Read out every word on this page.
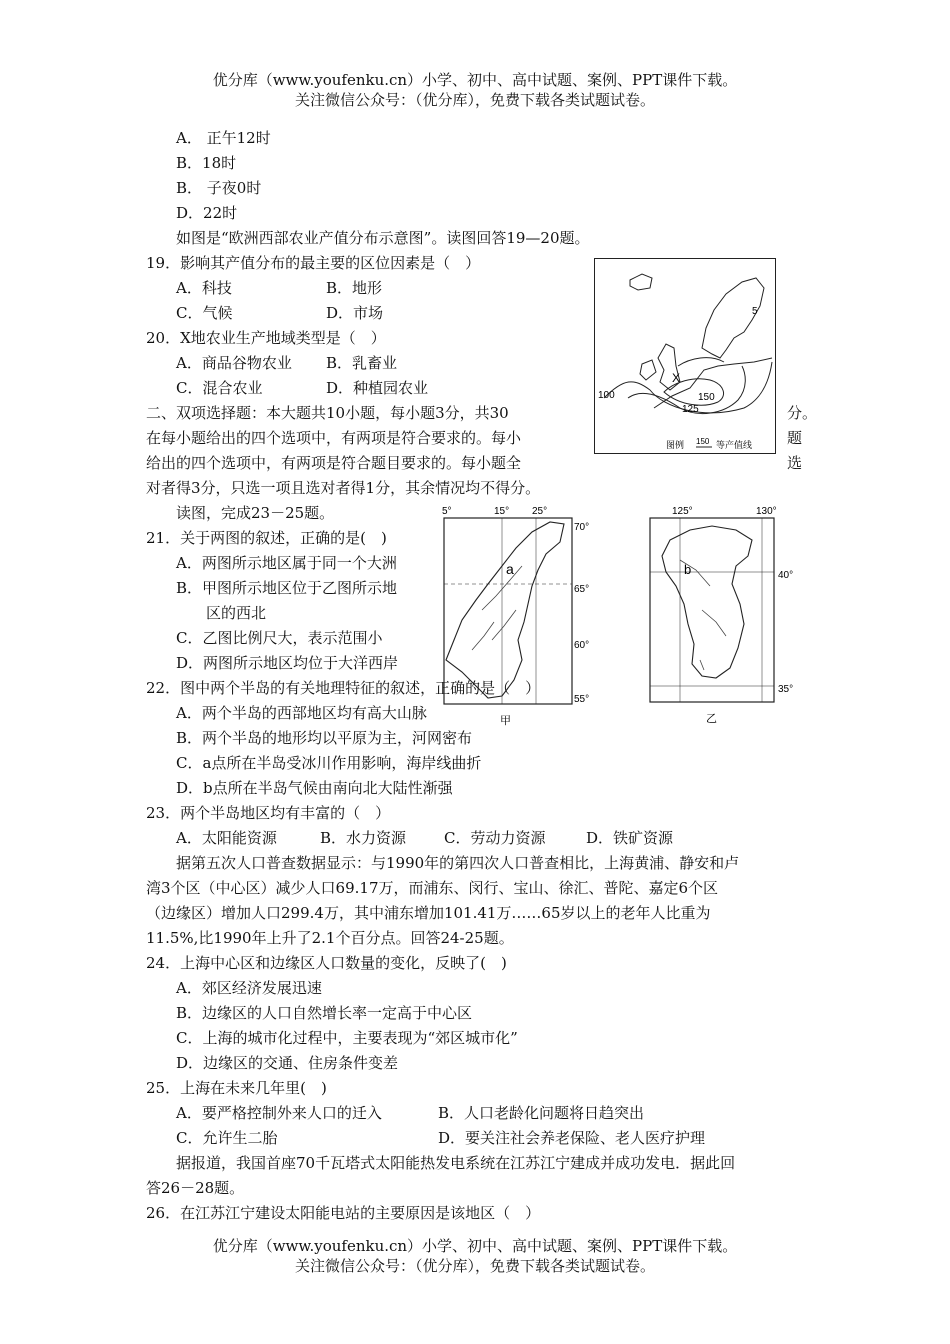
优分库（www.youfenku.cn）小学、初中、高中试题、案例、PPT课件下载。
关注微信公众号：（优分库），免费下载各类试题试卷。
A． 正午12时
B．18时
B． 子夜0时
D．22时
如图是“欧洲西部农业产值分布示意图”。读图回答19—20题。
19．影响其产值分布的最主要的区位因素是（　）
A．科技	B．地形
C．气候	D．市场
20．X地农业生产地域类型是（　）
A．商品谷物农业 B．乳畜业
C．混合农业	D．种植园农业
X
150
125
100
5
图例 150 等产值线
二、双项选择题：本大题共10小题，每小题3分，共30	分。
在每小题给出的四个选项中，有两项是符合要求的。每小	题
给出的四个选项中，有两项是符合题目要求的。每小题全	选
对者得3分，只选一项且选对者得1分，其余情况均不得分。
读图，完成23－25题。	5°	15° 25°
70°
65°
60°
55°
a
甲
125°	130°
40°
35°
b
乙
21．关于两图的叙述，正确的是(　)
A．两图所示地区属于同一个大洲
B．甲图所示地区位于乙图所示地
区的西北
C．乙图比例尺大，表示范围小
D．两图所示地区均位于大洋西岸
22．图中两个半岛的有关地理特征的叙述，正确的是（　）
A．两个半岛的西部地区均有高大山脉
B．两个半岛的地形均以平原为主，河网密布
C．a点所在半岛受冰川作用影响，海岸线曲折
D．b点所在半岛气候由南向北大陆性渐强
23．两个半岛地区均有丰富的（　）
A．太阳能资源	B．水力资源	C．劳动力资源	D．铁矿资源
据第五次人口普查数据显示：与1990年的第四次人口普查相比，上海黄浦、静安和卢
湾3个区（中心区）减少人口69.17万，而浦东、闵行、宝山、徐汇、普陀、嘉定6个区
（边缘区）增加人口299.4万，其中浦东增加101.41万……65岁以上的老年人比重为
11.5%,比1990年上升了2.1个百分点。回答24-25题。
24．上海中心区和边缘区人口数量的变化，反映了(　)
A．郊区经济发展迅速
B．边缘区的人口自然增长率一定高于中心区
C．上海的城市化过程中，主要表现为“郊区城市化”
D．边缘区的交通、住房条件变差
25．上海在未来几年里(　)
A．要严格控制外来人口的迁入	B．人口老龄化问题将日趋突出
C．允许生二胎	D．要关注社会养老保险、老人医疗护理
据报道，我国首座70千瓦塔式太阳能热发电系统在江苏江宁建成并成功发电．据此回
答26－28题。
26．在江苏江宁建设太阳能电站的主要原因是该地区（　）
优分库（www.youfenku.cn）小学、初中、高中试题、案例、PPT课件下载。
关注微信公众号：（优分库），免费下载各类试题试卷。
